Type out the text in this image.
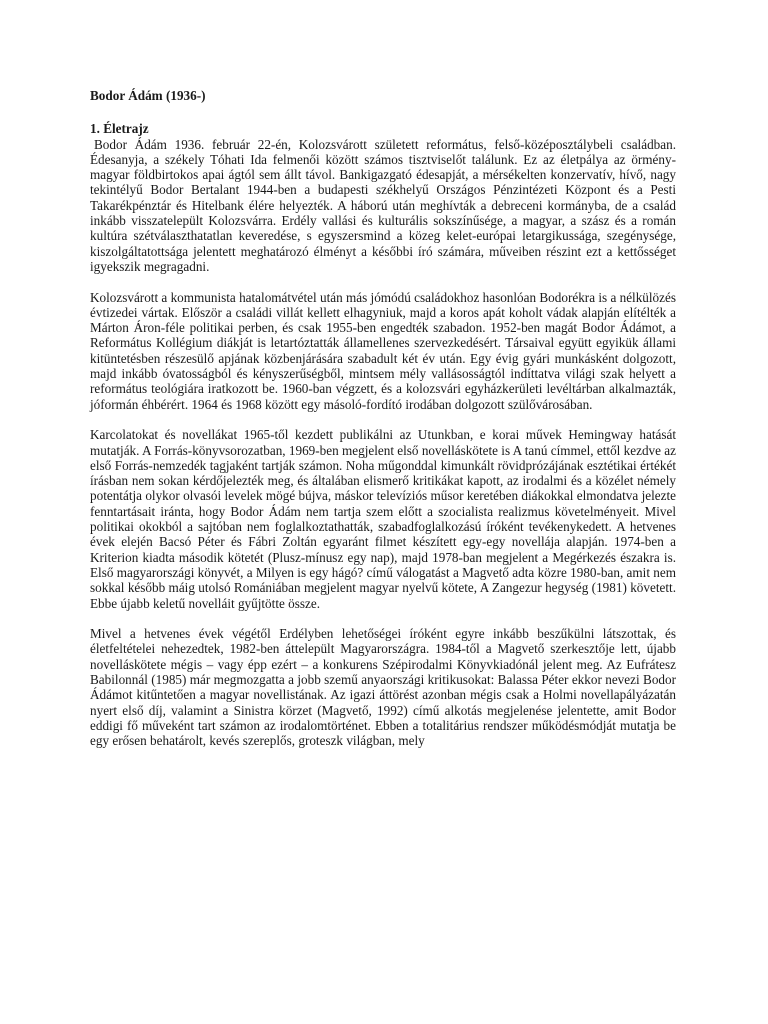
Bodor Ádám (1936-)

1. Életrajz

Bodor Ádám 1936. február 22-én, Kolozsvárott született református, felső-középosztálybeli családban. Édesanyja, a székely Tóhati Ida felmenői között számos tisztviselőt találunk. Ez az életpálya az örmény-magyar földbirtokos apai ágtól sem állt távol. Bankigazgató édesapját, a mérsékelten konzervatív, hívő, nagy tekintélyű Bodor Bertalant 1944-ben a budapesti székhelyű Országos Pénzintézeti Központ és a Pesti Takarékpénztár és Hitelbank élére helyezték. A háború után meghívták a debreceni kormányba, de a család inkább visszatelepült Kolozsvárra. Erdély vallási és kulturális sokszínűsége, a magyar, a szász és a román kultúra szétválaszthatatlan keveredése, s egyszersmind a közeg kelet-európai letargikussága, szegénysége, kiszolgáltatottsága jelentett meghatározó élményt a későbbi író számára, műveiben részint ezt a kettősséget igyekszik megragadni.

Kolozsvárott a kommunista hatalomátvétel után más jómódú családokhoz hasonlóan Bodorékra is a nélkülözés évtizedei vártak. Először a családi villát kellett elhagyniuk, majd a koros apát koholt vádak alapján elítélték a Márton Áron-féle politikai perben, és csak 1955-ben engedték szabadon. 1952-ben magát Bodor Ádámot, a Református Kollégium diákját is letartóztatták államellenes szervezkedésért. Társaival együtt egyikük állami kitüntetésben részesülő apjának közbenjárására szabadult két év után. Egy évig gyári munkásként dolgozott, majd inkább óvatosságból és kényszerűségből, mintsem mély vallásosságtól indíttatva világi szak helyett a református teológiára iratkozott be. 1960-ban végzett, és a kolozsvári egyházkerületi levéltárban alkalmazták, jóformán éhbérért. 1964 és 1968 között egy másoló-fordító irodában dolgozott szülővárosában.

Karcolatokat és novellákat 1965-től kezdett publikálni az Utunkban, e korai művek Hemingway hatását mutatják. A Forrás-könyvsorozatban, 1969-ben megjelent első novelláskötete is A tanú címmel, ettől kezdve az első Forrás-nemzedék tagjaként tartják számon. Noha műgonddal kimunkált rövidprózájának esztétikai értékét írásban nem sokan kérdőjelezték meg, és általában elismerő kritikákat kapott, az irodalmi és a közélet némely potentátja olykor olvasói levelek mögé bújva, máskor televíziós műsor keretében diákokkal elmondatva jelezte fenntartásait iránta, hogy Bodor Ádám nem tartja szem előtt a szocialista realizmus követelményeit. Mivel politikai okokból a sajtóban nem foglalkoztathatták, szabadfoglalkozású íróként tevékenykedett. A hetvenes évek elején Bacsó Péter és Fábri Zoltán egyaránt filmet készített egy-egy novellája alapján. 1974-ben a Kriterion kiadta második kötetét (Plusz-mínusz egy nap), majd 1978-ban megjelent a Megérkezés északra is. Első magyarországi könyvét, a Milyen is egy hágó? című válogatást a Magvető adta közre 1980-ban, amit nem sokkal később máig utolsó Romániában megjelent magyar nyelvű kötete, A Zangezur hegység (1981) követett. Ebbe újabb keletű novelláit gyűjtötte össze.

Mivel a hetvenes évek végétől Erdélyben lehetőségei íróként egyre inkább beszűkülni látszottak, és életfeltételei nehezedtek, 1982-ben áttelepült Magyarországra. 1984-től a Magvető szerkesztője lett, újabb novelláskötete mégis – vagy épp ezért – a konkurens Szépirodalmi Könyvkiadónál jelent meg. Az Eufrátesz Babilonnál (1985) már megmozgatta a jobb szemű anyaországi kritikusokat: Balassa Péter ekkor nevezi Bodor Ádámot kitűntetően a magyar novellistának. Az igazi áttörést azonban mégis csak a Holmi novellapályázatán nyert első díj, valamint a Sinistra körzet (Magvető, 1992) című alkotás megjelenése jelentette, amit Bodor eddigi fő műveként tart számon az irodalomtörténet. Ebben a totalitárius rendszer működésmódját mutatja be egy erősen behatárolt, kevés szereplős, groteszk világban, mely
